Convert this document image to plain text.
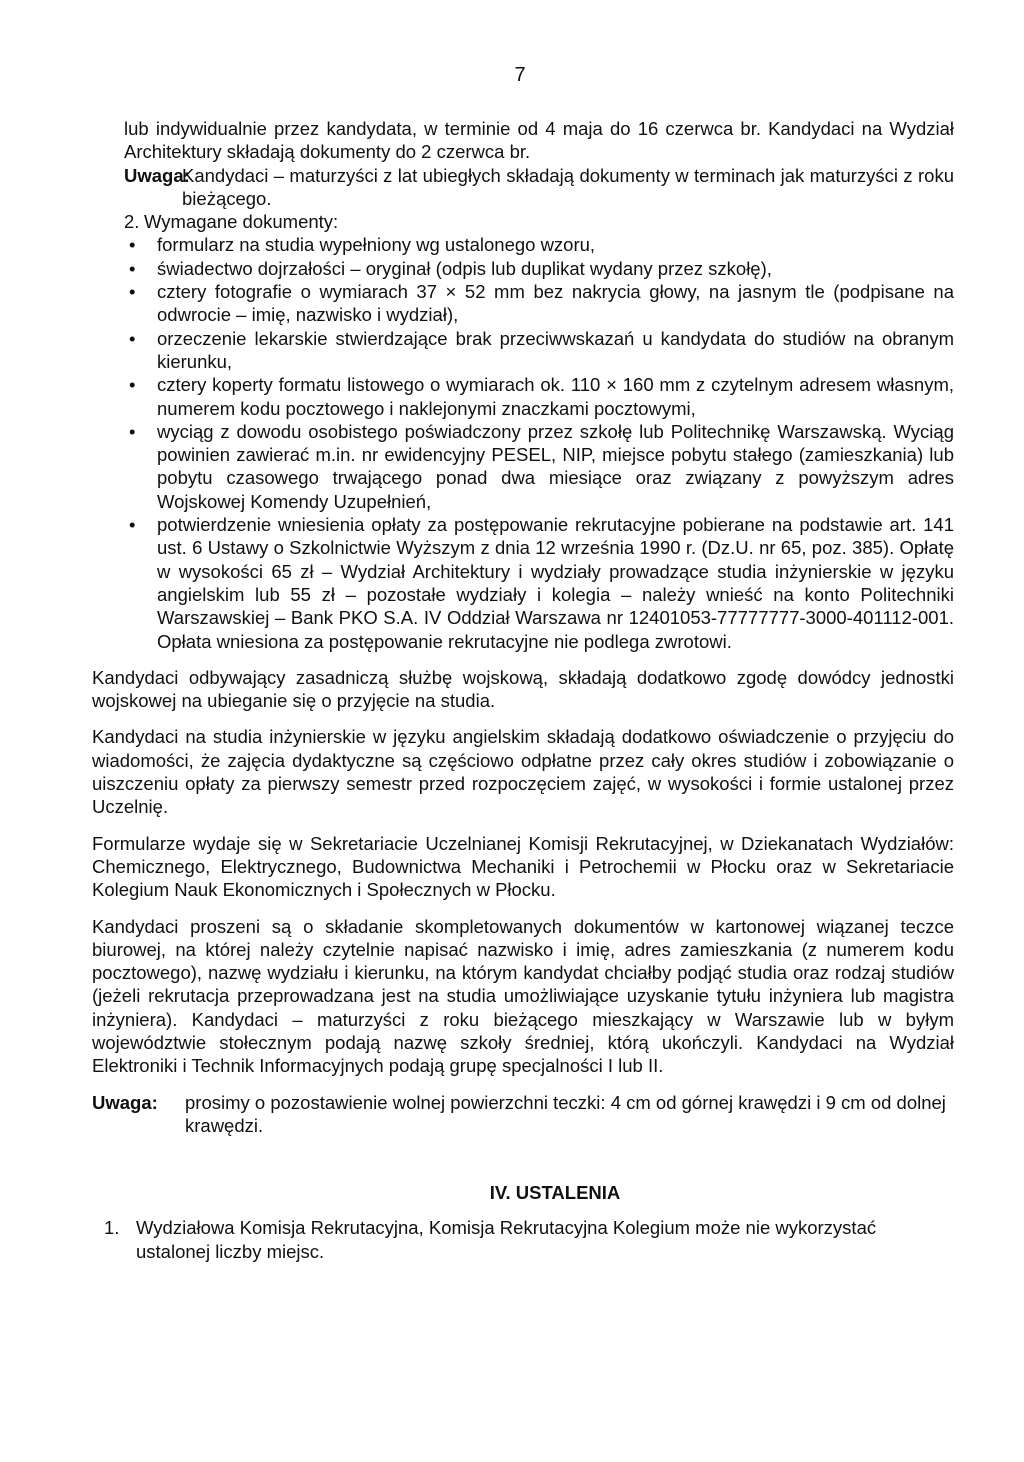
7

lub indywidualnie przez kandydata, w terminie od 4 maja do 16 czerwca br. Kandydaci na Wydział Architektury składają dokumenty do 2 czerwca br.

Uwaga:
Kandydaci – maturzyści z lat ubiegłych składają dokumenty w terminach jak maturzyści z roku bieżącego.
2. Wymagane dokumenty:
• formularz na studia wypełniony wg ustalonego wzoru,
• świadectwo dojrzałości – oryginał (odpis lub duplikat wydany przez szkołę),
• cztery fotografie o wymiarach 37 × 52 mm bez nakrycia głowy, na jasnym tle (podpisane na odwrocie – imię, nazwisko i wydział),
• orzeczenie lekarskie stwierdzające brak przeciwwskazań u kandydata do studiów na obranym kierunku,
• cztery koperty formatu listowego o wymiarach ok. 110 × 160 mm z czytelnym adresem własnym, numerem kodu pocztowego i naklejonymi znaczkami pocztowymi,
• wyciąg z dowodu osobistego poświadczony przez szkołę lub Politechnikę Warszawską. Wyciąg powinien zawierać m.in. nr ewidencyjny PESEL, NIP, miejsce pobytu stałego (zamieszkania) lub pobytu czasowego trwającego ponad dwa miesiące oraz związany z powyższym adres Wojskowej Komendy Uzupełnień,
• potwierdzenie wniesienia opłaty za postępowanie rekrutacyjne pobierane na podstawie art. 141 ust. 6 Ustawy o Szkolnictwie Wyższym z dnia 12 września 1990 r. (Dz.U. nr 65, poz. 385). Opłatę w wysokości 65 zł – Wydział Architektury i wydziały prowadzące studia inżynierskie w języku angielskim lub 55 zł – pozostałe wydziały i kolegia – należy wnieść na konto Politechniki Warszawskiej – Bank PKO S.A. IV Oddział Warszawa nr 12401053-77777777-3000-401112-001. Opłata wniesiona za postępowanie rekrutacyjne nie podlega zwrotowi.

Kandydaci odbywający zasadniczą służbę wojskową, składają dodatkowo zgodę dowódcy jednostki wojskowej na ubieganie się o przyjęcie na studia.

Kandydaci na studia inżynierskie w języku angielskim składają dodatkowo oświadczenie o przyjęciu do wiadomości, że zajęcia dydaktyczne są częściowo odpłatne przez cały okres studiów i zobowiązanie o uiszczeniu opłaty za pierwszy semestr przed rozpoczęciem zajęć, w wysokości i formie ustalonej przez Uczelnię.

Formularze wydaje się w Sekretariacie Uczelnianej Komisji Rekrutacyjnej, w Dziekanatach Wydziałów: Chemicznego, Elektrycznego, Budownictwa Mechaniki i Petrochemii w Płocku oraz w Sekretariacie Kolegium Nauk Ekonomicznych i Społecznych w Płocku.

Kandydaci proszeni są o składanie skompletowanych dokumentów w kartonowej wiązanej teczce biurowej, na której należy czytelnie napisać nazwisko i imię, adres zamieszkania (z numerem kodu pocztowego), nazwę wydziału i kierunku, na którym kandydat chciałby podjąć studia oraz rodzaj studiów (jeżeli rekrutacja przeprowadzana jest na studia umożliwiające uzyskanie tytułu inżyniera lub magistra inżyniera). Kandydaci – maturzyści z roku bieżącego mieszkający w Warszawie lub w byłym województwie stołecznym podają nazwę szkoły średniej, którą ukończyli. Kandydaci na Wydział Elektroniki i Technik Informacyjnych podają grupę specjalności I lub II.

Uwaga:	prosimy o pozostawienie wolnej powierzchni teczki: 4 cm od górnej krawędzi i 9 cm od dolnej krawędzi.
IV. USTALENIA
1. Wydziałowa Komisja Rekrutacyjna, Komisja Rekrutacyjna Kolegium może nie wykorzystać ustalonej liczby miejsc.
